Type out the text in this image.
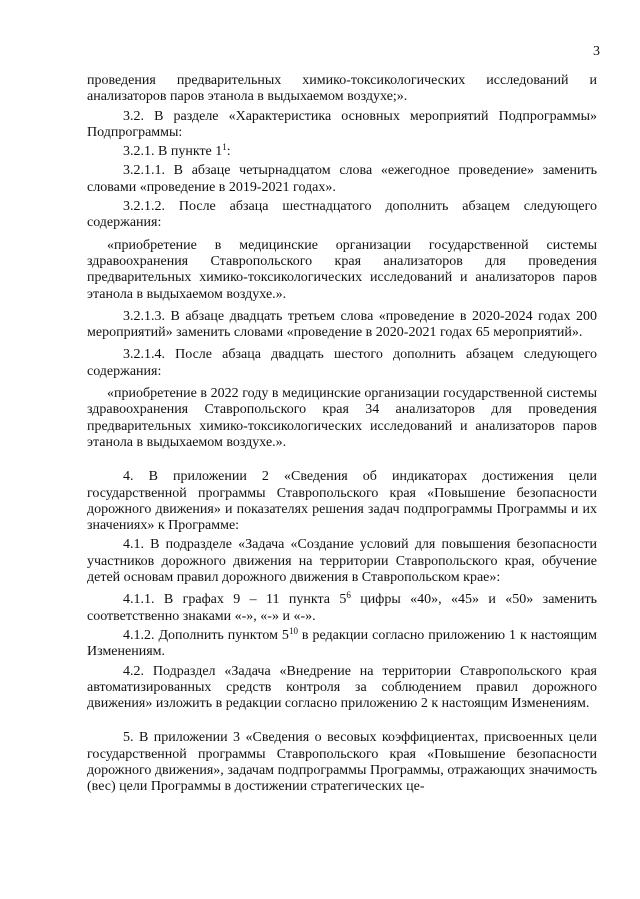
3

проведения предварительных химико-токсикологических исследований и анализаторов паров этанола в выдыхаемом воздухе;».

3.2. В разделе «Характеристика основных мероприятий Подпрограммы» Подпрограммы:

3.2.1. В пункте $1^1$:

3.2.1.1. В абзаце четырнадцатом слова «ежегодное проведение» заменить словами «проведение в 2019-2021 годах».

3.2.1.2. После абзаца шестнадцатого дополнить абзацем следующего содержания:

«приобретение в медицинские организации государственной системы здравоохранения Ставропольского края анализаторов для проведения предварительных химико-токсикологических исследований и анализаторов паров этанола в выдыхаемом воздухе.».

3.2.1.3. В абзаце двадцать третьем слова «проведение в 2020-2024 годах 200 мероприятий» заменить словами «проведение в 2020-2021 годах 65 мероприятий».

3.2.1.4. После абзаца двадцать шестого дополнить абзацем следующего содержания:

«приобретение в 2022 году в медицинские организации государственной системы здравоохранения Ставропольского края 34 анализаторов для проведения предварительных химико-токсикологических исследований и анализаторов паров этанола в выдыхаемом воздухе.».

4. В приложении 2 «Сведения об индикаторах достижения цели государственной программы Ставропольского края «Повышение безопасности дорожного движения» и показателях решения задач подпрограммы Программы и их значениях» к Программе:

4.1. В подразделе «Задача «Создание условий для повышения безопасности участников дорожного движения на территории Ставропольского края, обучение детей основам правил дорожного движения в Ставропольском крае»:

4.1.1. В графах 9 – 11 пункта $5^6$ цифры «40», «45» и «50» заменить соответственно знаками «-», «-» и «-».

4.1.2. Дополнить пунктом $5^{10}$ в редакции согласно приложению 1 к настоящим Изменениям.

4.2. Подраздел «Задача «Внедрение на территории Ставропольского края автоматизированных средств контроля за соблюдением правил дорожного движения» изложить в редакции согласно приложению 2 к настоящим Изменениям.

5. В приложении 3 «Сведения о весовых коэффициентах, присвоенных цели государственной программы Ставропольского края «Повышение безопасности дорожного движения», задачам подпрограммы Программы, отражающих значимость (вес) цели Программы в достижении стратегических це-
